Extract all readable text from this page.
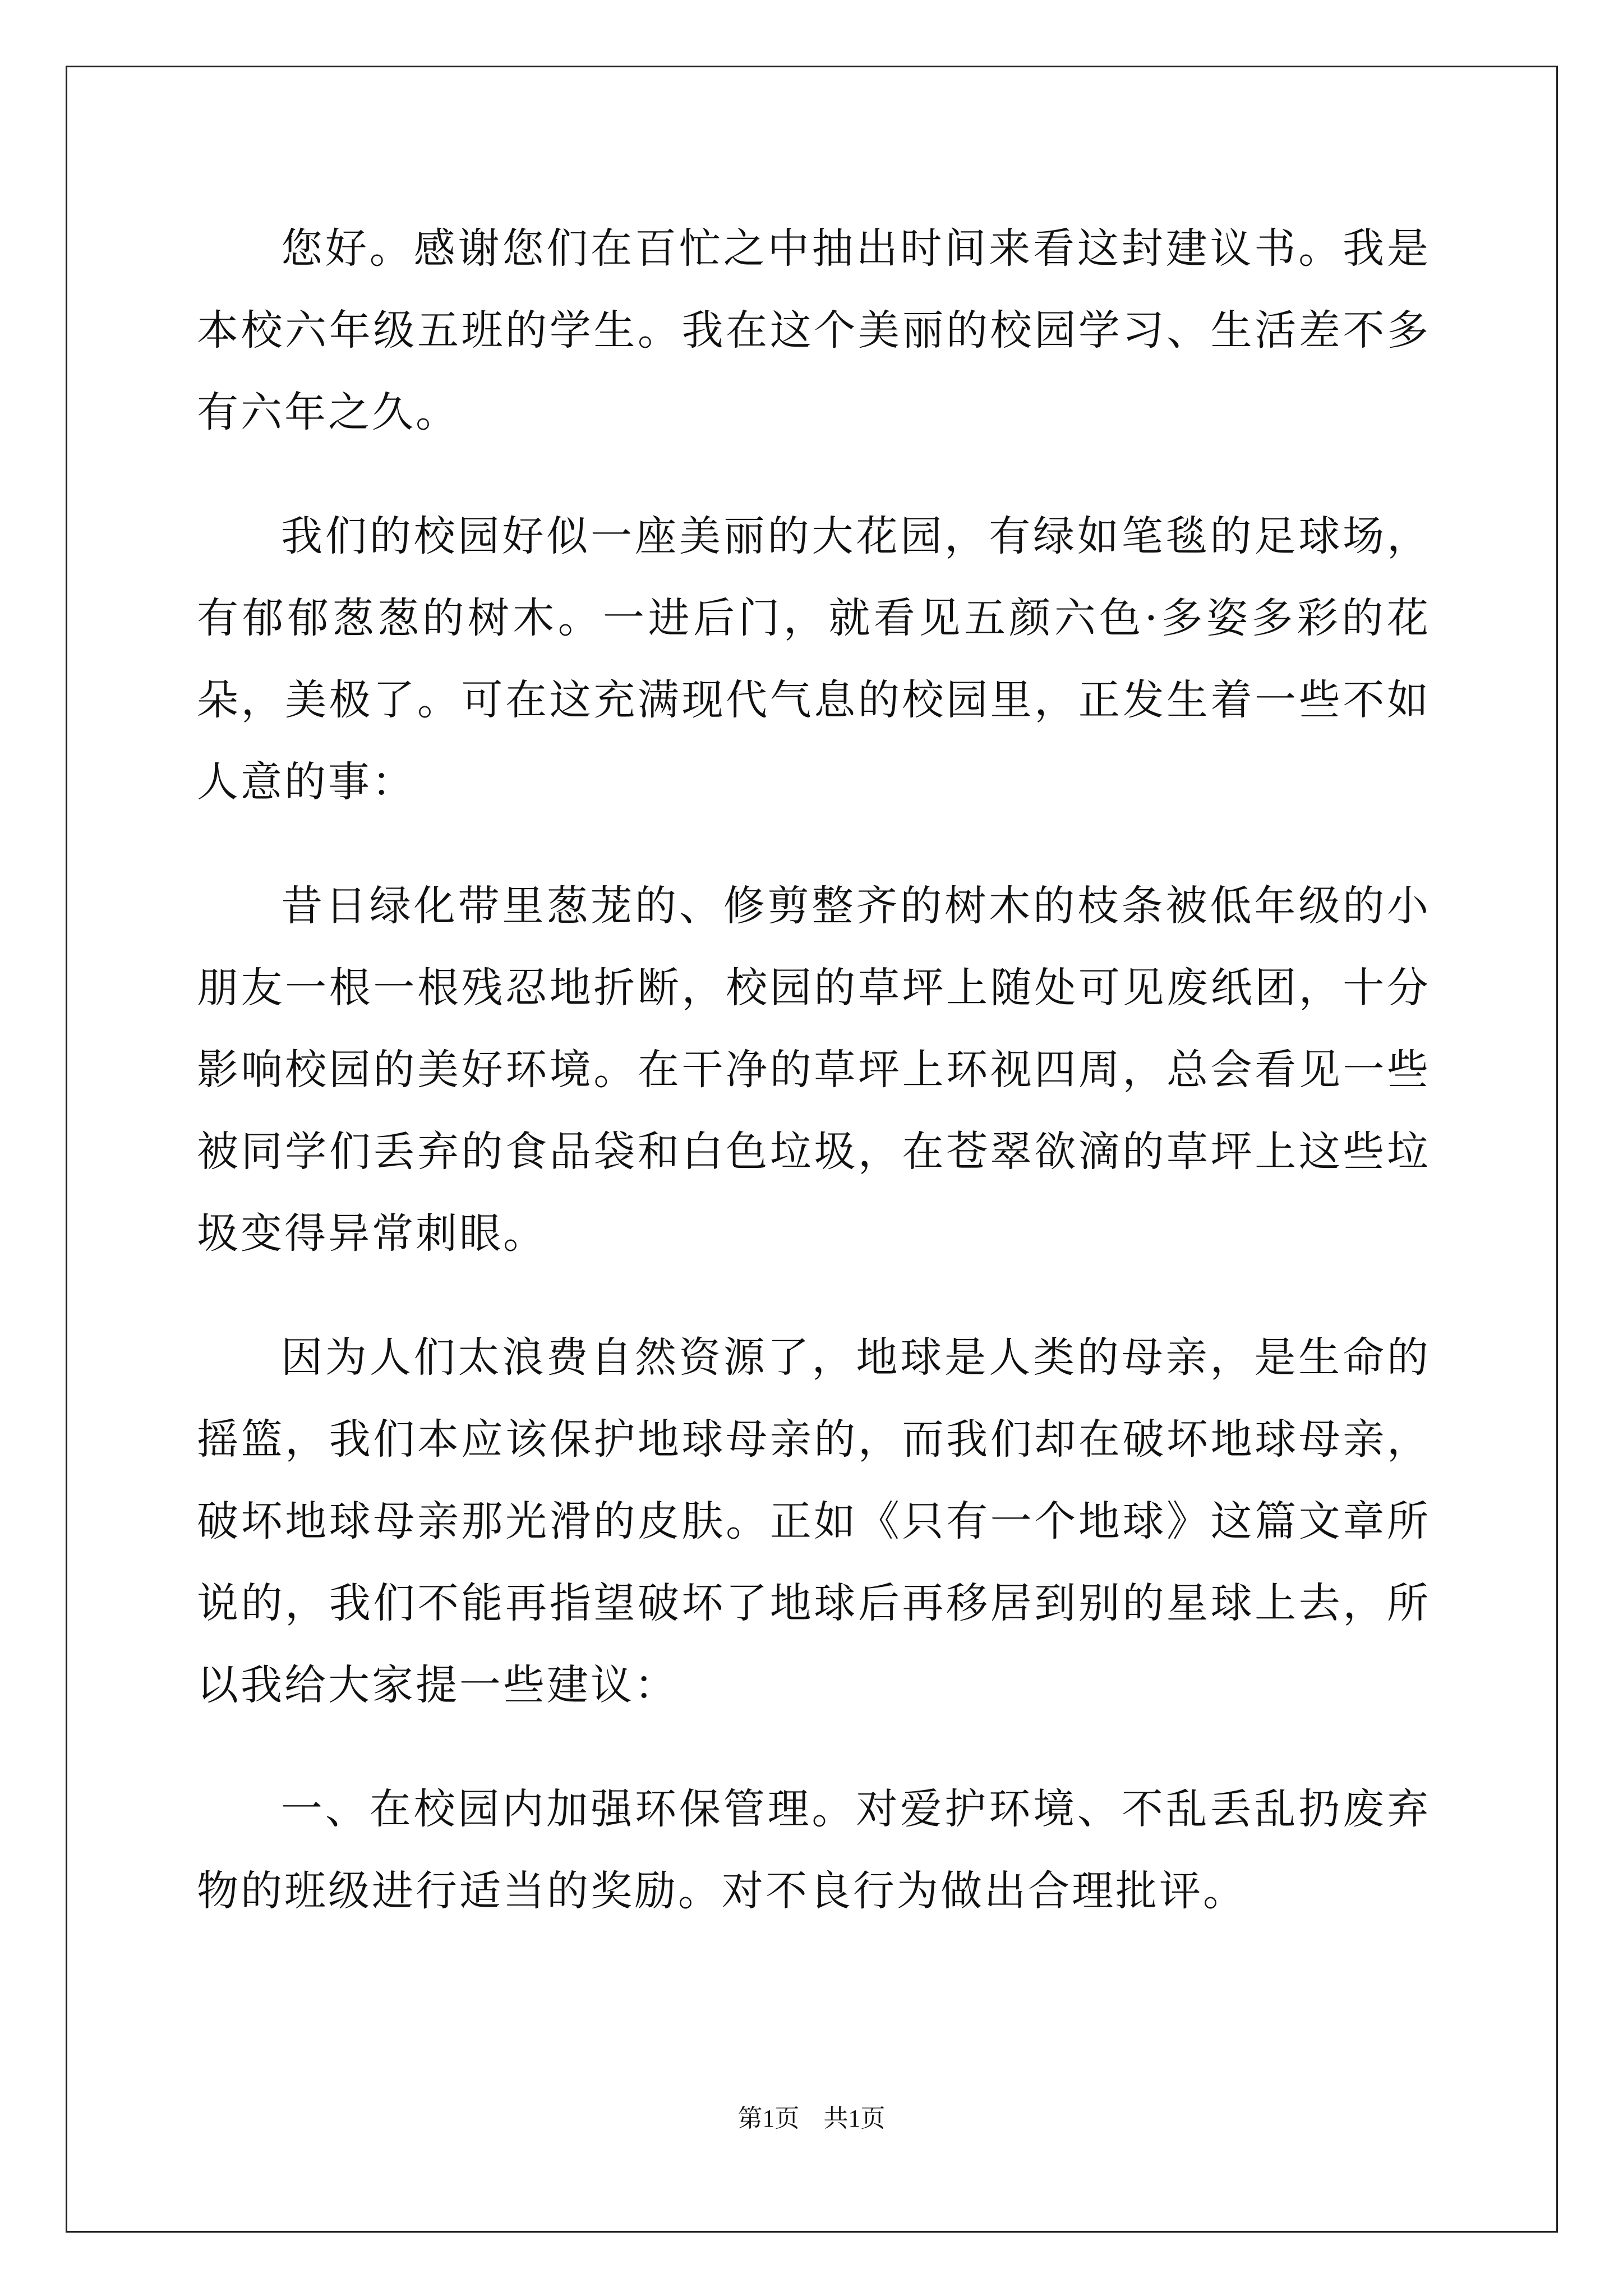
您好。感谢您们在百忙之中抽出时间来看这封建议书。我是本校六年级五班的学生。我在这个美丽的校园学习、生活差不多有六年之久。

我们的校园好似一座美丽的大花园，有绿如笔毯的足球场，有郁郁葱葱的树木。一进后门，就看见五颜六色·多姿多彩的花朵，美极了。可在这充满现代气息的校园里，正发生着一些不如人意的事：

昔日绿化带里葱茏的、修剪整齐的树木的枝条被低年级的小朋友一根一根残忍地折断，校园的草坪上随处可见废纸团，十分影响校园的美好环境。在干净的草坪上环视四周，总会看见一些被同学们丢弃的食品袋和白色垃圾，在苍翠欲滴的草坪上这些垃圾变得异常刺眼。

因为人们太浪费自然资源了，地球是人类的母亲，是生命的摇篮，我们本应该保护地球母亲的，而我们却在破坏地球母亲，破坏地球母亲那光滑的皮肤。正如《只有一个地球》这篇文章所说的，我们不能再指望破坏了地球后再移居到别的星球上去，所以我给大家提一些建议：

一、在校园内加强环保管理。对爱护环境、不乱丢乱扔废弃物的班级进行适当的奖励。对不良行为做出合理批评。

第1页 共1页
